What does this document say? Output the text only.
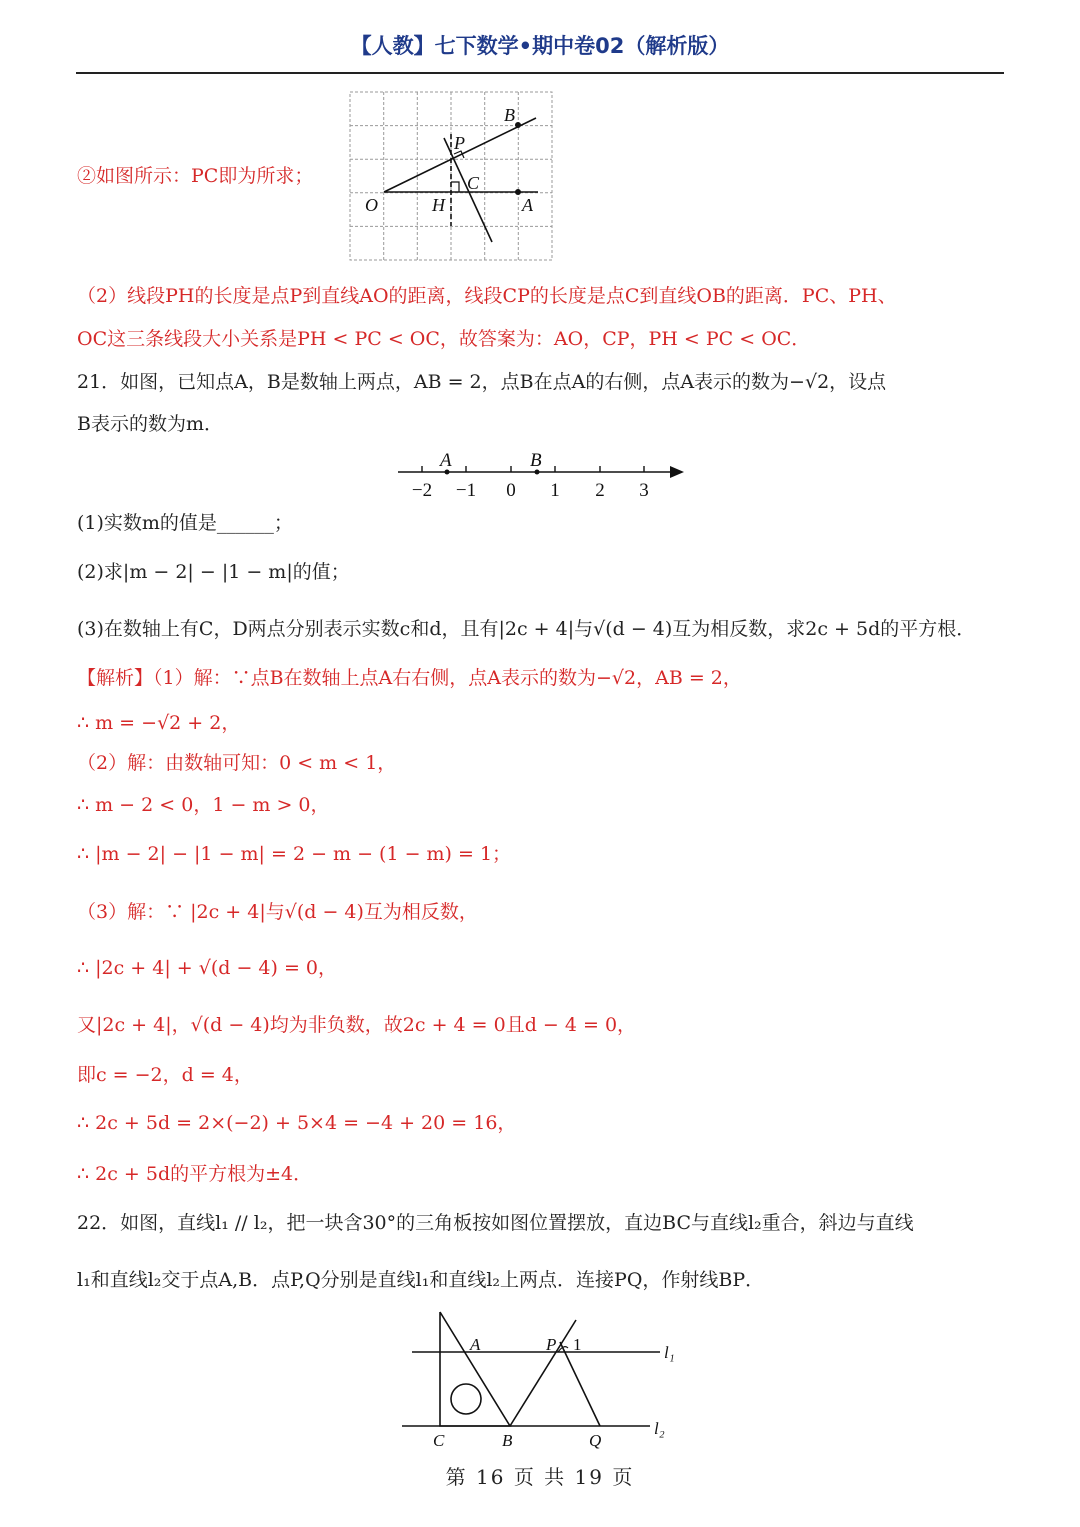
【人教】七下数学•期中卷02（解析版）
②如图所示：PC即为所求；
B
P
C
O	H	A
（2）线段PH的长度是点P到直线AO的距离，线段CP的长度是点C到直线OB的距离．PC、PH、
OC这三条线段大小关系是PH < PC < OC，故答案为：AO，CP，PH < PC < OC．
21．如图，已知点A，B是数轴上两点，AB = 2，点B在点A的右侧，点A表示的数为−√2，设点
B表示的数为m．
A	B
−2 −1 0 1 2 3
(1)实数m的值是______；
(2)求|m − 2| − |1 − m|的值；
(3)在数轴上有C，D两点分别表示实数c和d，且有|2c + 4|与√(d − 4)互为相反数，求2c + 5d的平方根．
【解析】（1）解：∵点B在数轴上点A右右侧，点A表示的数为−√2，AB = 2，
∴ m = −√2 + 2，
（2）解：由数轴可知：0 < m < 1，
∴ m − 2 < 0，1 − m > 0，
∴ |m − 2| − |1 − m| = 2 − m − (1 − m) = 1；
（3）解：∵ |2c + 4|与√(d − 4)互为相反数，
∴ |2c + 4| + √(d − 4) = 0，
又|2c + 4|，√(d − 4)均为非负数，故2c + 4 = 0且d − 4 = 0，
即c = −2，d = 4，
∴ 2c + 5d = 2×(−2) + 5×4 = −4 + 20 = 16，
∴ 2c + 5d的平方根为±4．
22．如图，直线l₁ // l₂，把一块含30°的三角板按如图位置摆放，直边BC与直线l₂重合，斜边与直线
l₁和直线l₂交于点A,B．点P,Q分别是直线l₁和直线l₂上两点．连接PQ，作射线BP．
A	P 1	l₁
l₂
C	B	Q
第 16 页 共 19 页
